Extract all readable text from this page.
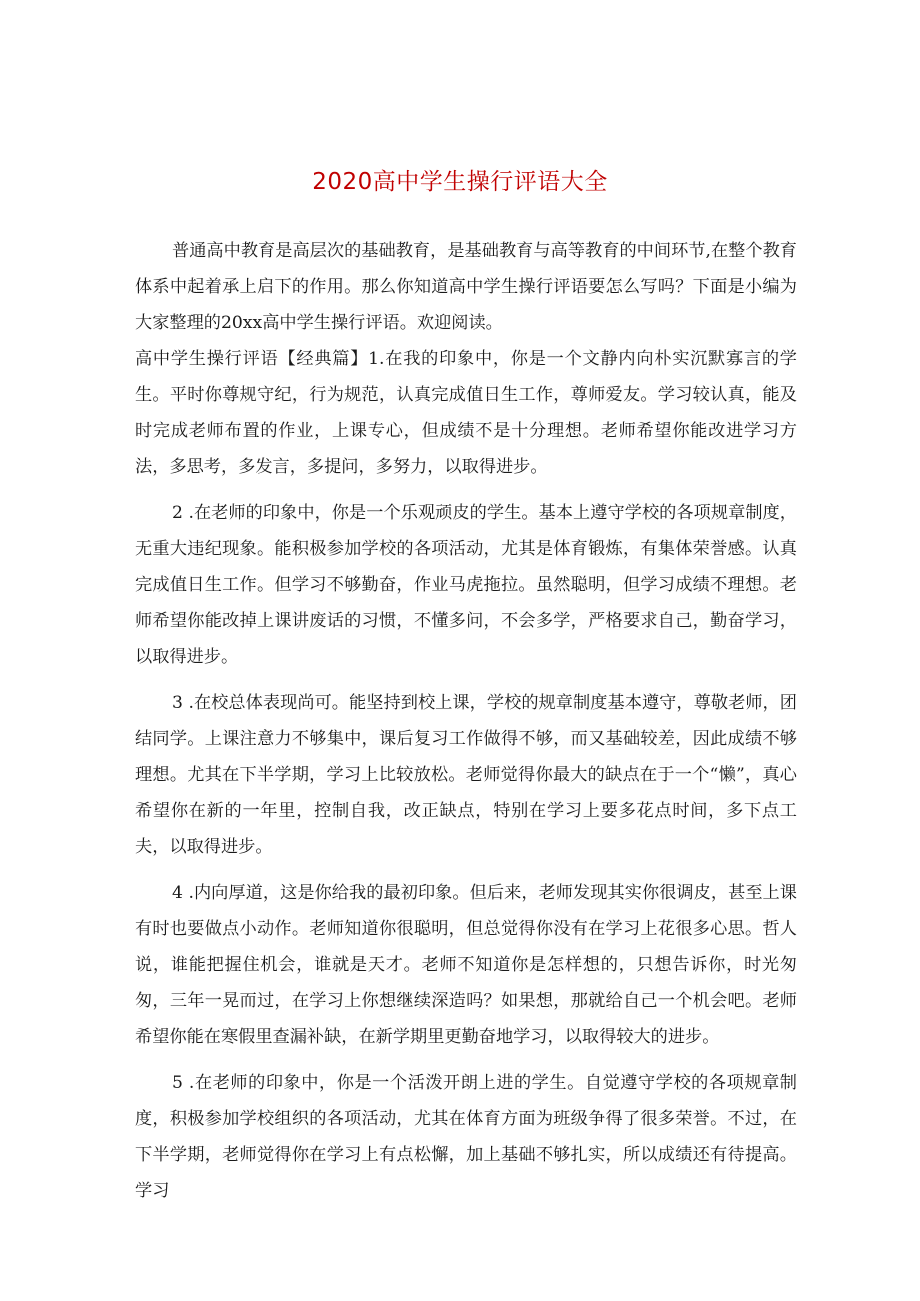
2020高中学生操行评语大全

普通高中教育是高层次的基础教育，是基础教育与高等教育的中间环节,在整个教育体系中起着承上启下的作用。那么你知道高中学生操行评语要怎么写吗？下面是小编为大家整理的20xx高中学生操行评语。欢迎阅读。

高中学生操行评语【经典篇】1.在我的印象中，你是一个文静内向朴实沉默寡言的学生。平时你尊规守纪，行为规范，认真完成值日生工作，尊师爱友。学习较认真，能及时完成老师布置的作业，上课专心，但成绩不是十分理想。老师希望你能改进学习方法，多思考，多发言，多提问，多努力，以取得进步。

2 .在老师的印象中，你是一个乐观顽皮的学生。基本上遵守学校的各项规章制度，无重大违纪现象。能积极参加学校的各项活动，尤其是体育锻炼，有集体荣誉感。认真完成值日生工作。但学习不够勤奋，作业马虎拖拉。虽然聪明，但学习成绩不理想。老师希望你能改掉上课讲废话的习惯，不懂多问，不会多学，严格要求自己，勤奋学习，以取得进步。

3 .在校总体表现尚可。能坚持到校上课，学校的规章制度基本遵守，尊敬老师，团结同学。上课注意力不够集中，课后复习工作做得不够，而又基础较差，因此成绩不够理想。尤其在下半学期，学习上比较放松。老师觉得你最大的缺点在于一个“懒”，真心希望你在新的一年里，控制自我，改正缺点，特别在学习上要多花点时间，多下点工夫，以取得进步。

4 .内向厚道，这是你给我的最初印象。但后来，老师发现其实你很调皮，甚至上课有时也要做点小动作。老师知道你很聪明，但总觉得你没有在学习上花很多心思。哲人说，谁能把握住机会，谁就是天才。老师不知道你是怎样想的，只想告诉你，时光匆匆，三年一晃而过，在学习上你想继续深造吗？如果想，那就给自己一个机会吧。老师希望你能在寒假里查漏补缺，在新学期里更勤奋地学习，以取得较大的进步。

5 .在老师的印象中，你是一个活泼开朗上进的学生。自觉遵守学校的各项规章制度，积极参加学校组织的各项活动，尤其在体育方面为班级争得了很多荣誉。不过，在下半学期，老师觉得你在学习上有点松懈，加上基础不够扎实，所以成绩还有待提高。学习
